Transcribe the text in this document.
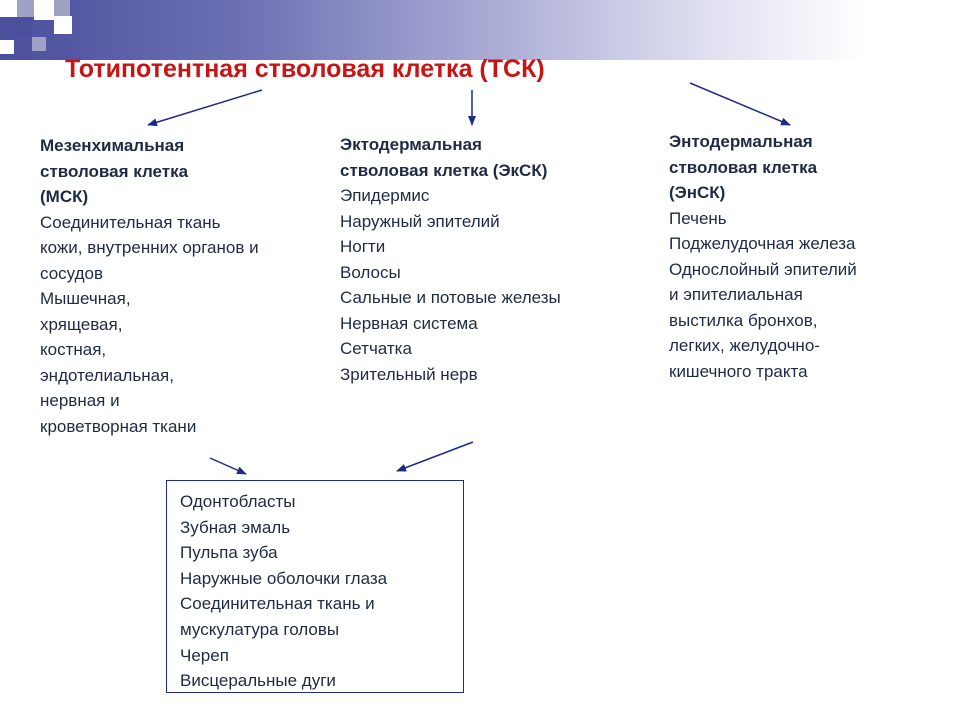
Тотипотентная стволовая клетка (ТСК)
Мезенхимальная
стволовая клетка
(МСК)
Соединительная ткань
кожи, внутренних органов и
сосудов
Мышечная,
хрящевая,
костная,
эндотелиальная,
нервная и
кроветворная ткани
Эктодермальная
стволовая клетка (ЭкСК)
Эпидермис
Наружный эпителий
Ногти
Волосы
Сальные и потовые железы
Нервная система
Сетчатка
Зрительный нерв
Энтодермальная
стволовая клетка
(ЭнСК)
Печень
Поджелудочная железа
Однослойный эпителий
и эпителиальная
выстилка бронхов,
легких, желудочно-
кишечного тракта
Одонтобласты
Зубная эмаль
Пульпа зуба
Наружные оболочки глаза
Соединительная ткань и
мускулатура головы
Череп
Висцеральные дуги
